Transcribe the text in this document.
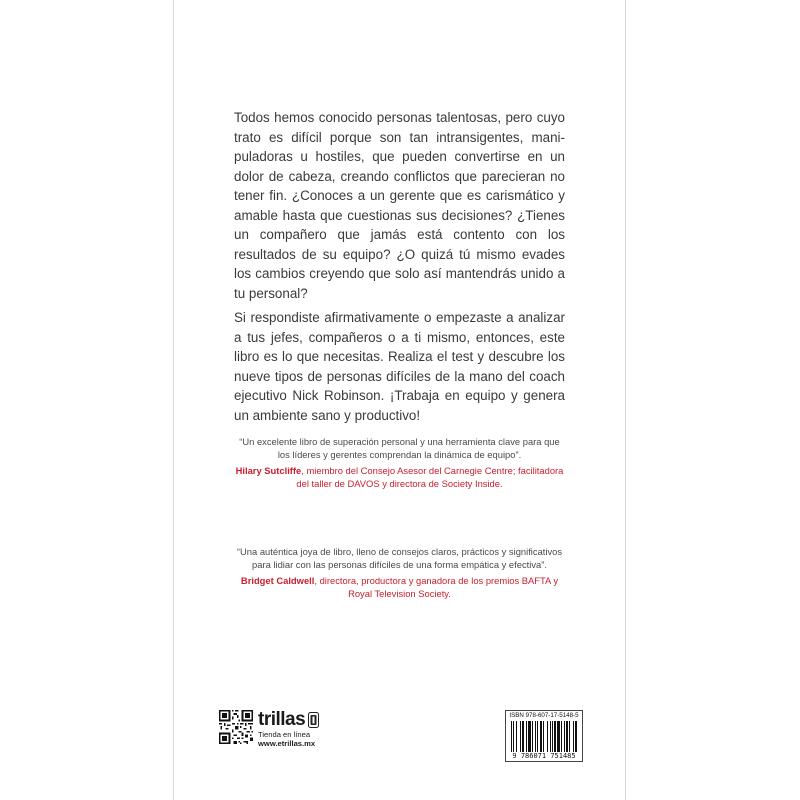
Todos hemos conocido personas talentosas, pero cuyo trato es difícil porque son tan intransigentes, manipuladoras u hostiles, que pueden convertirse en un dolor de cabeza, creando conflictos que parecieran no tener fin. ¿Conoces a un gerente que es carismático y amable hasta que cuestionas sus decisiones? ¿Tienes un compañero que jamás está contento con los resultados de su equipo? ¿O quizá tú mismo evades los cambios creyendo que solo así mantendrás unido a tu personal?

Si respondiste afirmativamente o empezaste a analizar a tus jefes, compañeros o a ti mismo, entonces, este libro es lo que necesitas. Realiza el test y descubre los nueve tipos de personas difíciles de la mano del coach ejecutivo Nick Robinson. ¡Trabaja en equipo y genera un ambiente sano y productivo!

“Un excelente libro de superación personal y una herramienta clave para que los líderes y gerentes comprendan la dinámica de equipo”.

Hilary Sutcliffe, miembro del Consejo Asesor del Carnegie Centre; facilitadora del taller de DAVOS y directora de Society Inside.

“Una auténtica joya de libro, lleno de consejos claros, prácticos y significativos para lidiar con las personas difíciles de una forma empática y efectiva”.

Bridget Caldwell, directora, productora y ganadora de los premios BAFTA y Royal Television Society.

trillas
Tienda en línea
www.etrillas.mx
ISBN 978-607-17-5148-5
9 786071 751485
